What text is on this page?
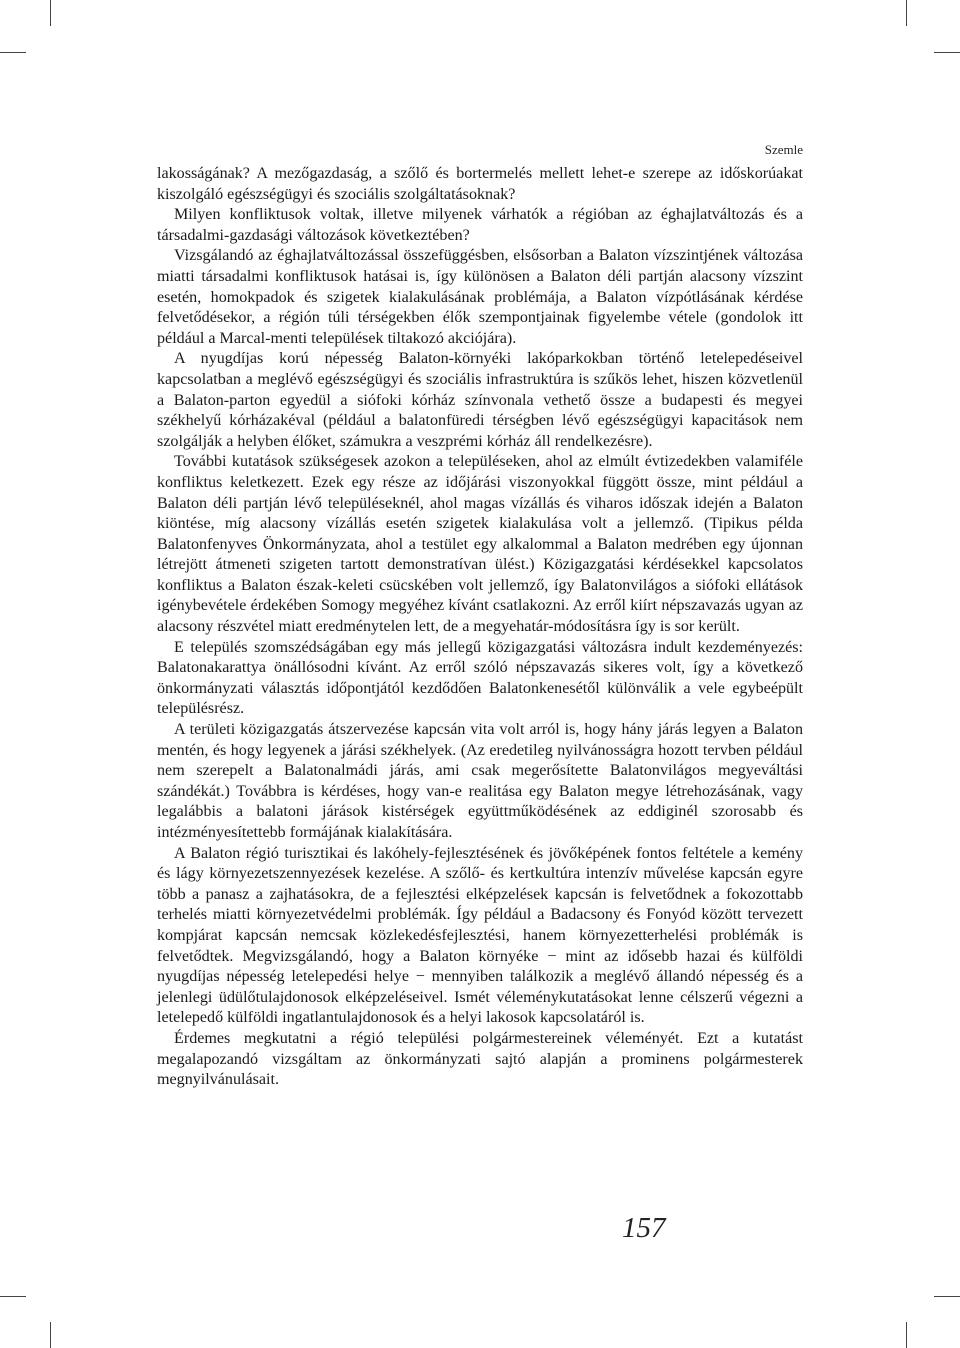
Szemle

lakosságának? A mezőgazdaság, a szőlő és bortermelés mellett lehet-e szerepe az időskorúakat kiszolgáló egészségügyi és szociális szolgáltatásoknak?

Milyen konfliktusok voltak, illetve milyenek várhatók a régióban az éghajlatváltozás és a társadalmi-gazdasági változások következtében?

Vizsgálandó az éghajlatváltozással összefüggésben, elsősorban a Balaton vízszintjének változása miatti társadalmi konfliktusok hatásai is, így különösen a Balaton déli partján alacsony vízszint esetén, homokpadok és szigetek kialakulásának problémája, a Balaton vízpótlásának kérdése felvetődésekor, a régión túli térségekben élők szempontjainak figyelembe vétele (gondolok itt például a Marcal-menti települések tiltakozó akciójára).

A nyugdíjas korú népesség Balaton-környéki lakóparkokban történő letelepedéseivel kapcsolatban a meglévő egészségügyi és szociális infrastruktúra is szűkös lehet, hiszen közvetlenül a Balaton-parton egyedül a siófoki kórház színvonala vethető össze a budapesti és megyei székhelyű kórházakéval (például a balatonfüredi térségben lévő egészségügyi kapacitások nem szolgálják a helyben élőket, számukra a veszprémi kórház áll rendelkezésre).

További kutatások szükségesek azokon a településeken, ahol az elmúlt évtizedekben valamiféle konfliktus keletkezett. Ezek egy része az időjárási viszonyokkal függött össze, mint például a Balaton déli partján lévő településeknél, ahol magas vízállás és viharos időszak idején a Balaton kiöntése, míg alacsony vízállás esetén szigetek kialakulása volt a jellemző. (Tipikus példa Balatonfenyves Önkormányzata, ahol a testület egy alkalommal a Balaton medrében egy újonnan létrejött átmeneti szigeten tartott demonstratívan ülést.) Közigazgatási kérdésekkel kapcsolatos konfliktus a Balaton észak-keleti csücskében volt jellemző, így Balatonvilágos a siófoki ellátások igénybevétele érdekében Somogy megyéhez kívánt csatlakozni. Az erről kiírt népszavazás ugyan az alacsony részvétel miatt eredménytelen lett, de a megyehatár-módosításra így is sor került.

E település szomszédságában egy más jellegű közigazgatási változásra indult kezdeményezés: Balatonakarattya önállósodni kívánt. Az erről szóló népszavazás sikeres volt, így a következő önkormányzati választás időpontjától kezdődően Balatonkenesétől különválik a vele egybeépült településrész.

A területi közigazgatás átszervezése kapcsán vita volt arról is, hogy hány járás legyen a Balaton mentén, és hogy legyenek a járási székhelyek. (Az eredetileg nyilvánosságra hozott tervben például nem szerepelt a Balatonalmádi járás, ami csak megerősítette Balatonvilágos megyeváltási szándékát.) Továbbra is kérdéses, hogy van-e realitása egy Balaton megye létrehozásának, vagy legalábbis a balatoni járások kistérségek együttműködésének az eddiginél szorosabb és intézményesítettebb formájának kialakítására.

A Balaton régió turisztikai és lakóhely-fejlesztésének és jövőképének fontos feltétele a kemény és lágy környezetszennyezések kezelése. A szőlő- és kertkultúra intenzív művelése kapcsán egyre több a panasz a zajhatásokra, de a fejlesztési elképzelések kapcsán is felvetődnek a fokozottabb terhelés miatti környezetvédelmi problémák. Így például a Badacsony és Fonyód között tervezett kompjárat kapcsán nemcsak közlekedésfejlesztési, hanem környezetterhelési problémák is felvetődtek. Megvizsgálandó, hogy a Balaton környéke − mint az idősebb hazai és külföldi nyugdíjas népesség letelepedési helye − mennyiben találkozik a meglévő állandó népesség és a jelenlegi üdülőtulajdonosok elképzeléseivel. Ismét véleménykutatásokat lenne célszerű végezni a letelepedő külföldi ingatlantulajdonosok és a helyi lakosok kapcsolatáról is.

Érdemes megkutatni a régió települési polgármestereinek véleményét. Ezt a kutatást megalapozandó vizsgáltam az önkormányzati sajtó alapján a prominens polgármesterek megnyilvánulásait.

157
